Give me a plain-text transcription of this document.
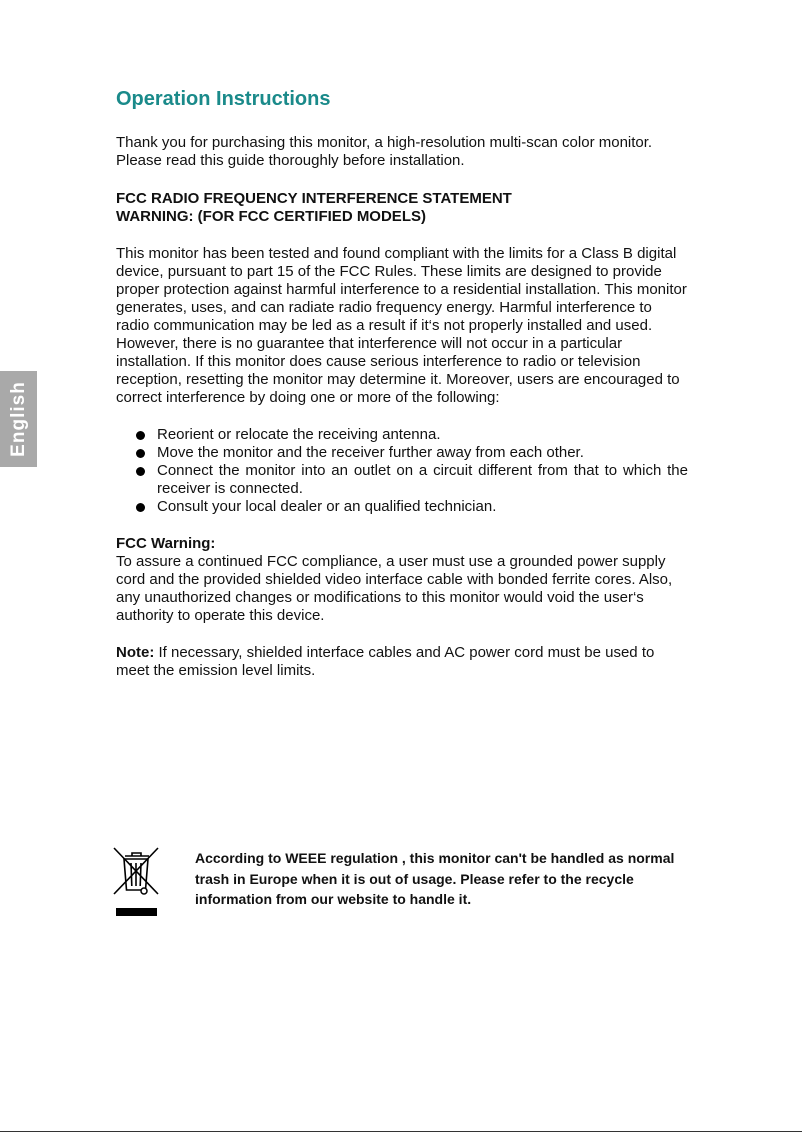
English
Operation Instructions

Thank you for purchasing this monitor, a high-resolution multi-scan color monitor.

Please read this guide thoroughly before installation.

FCC RADIO FREQUENCY INTERFERENCE STATEMENT

WARNING: (FOR FCC CERTIFIED MODELS)

This monitor has been tested and found compliant with the limits for a Class B digital device, pursuant to part 15 of the FCC Rules. These limits are designed to provide proper protection against harmful interference to a residential installation. This monitor generates, uses, and can radiate radio frequency energy. Harmful interference to radio communication may be led as a result if it‘s not properly installed and used. However, there is no guarantee that interference will not occur in a particular installation. If this monitor does cause serious interference to radio or television reception, resetting the monitor may determine it. Moreover, users are encouraged to correct interference by doing one or more of the following:

Reorient or relocate the receiving antenna.
Move the monitor and the receiver further away from each other.
Connect the monitor into an outlet on a circuit different from that to which the receiver is connected.
Consult your local dealer or an qualified technician.

FCC Warning:

To assure a continued FCC compliance, a user must use a grounded power supply cord and the provided shielded video interface cable with bonded ferrite cores. Also, any unauthorized changes or modifications to this monitor would void the user‘s authority to operate this device.

Note: If necessary, shielded interface cables and AC power cord must be used to meet the emission level limits.

According to WEEE regulation , this monitor can't be handled as normal trash in Europe when it is out of usage. Please refer to the recycle information from our website to handle it.
